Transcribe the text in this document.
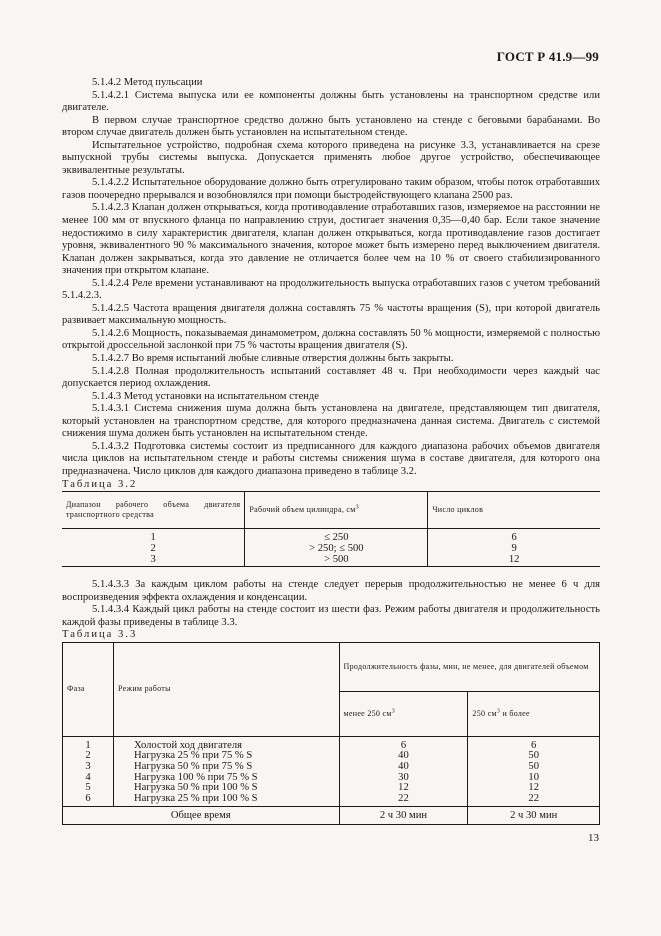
ГОСТ Р 41.9—99

5.1.4.2 Метод пульсации

5.1.4.2.1 Система выпуска или ее компоненты должны быть установлены на транспортном средстве или двигателе.

В первом случае транспортное средство должно быть установлено на стенде с беговыми барабанами. Во втором случае двигатель должен быть установлен на испытательном стенде.

Испытательное устройство, подробная схема которого приведена на рисунке 3.3, устанавливается на срезе выпускной трубы системы выпуска. Допускается применять любое другое устройство, обеспечивающее эквивалентные результаты.

5.1.4.2.2 Испытательное оборудование должно быть отрегулировано таким образом, чтобы поток отработавших газов поочередно прерывался и возобновлялся при помощи быстродействующего клапана 2500 раз.

5.1.4.2.3 Клапан должен открываться, когда противодавление отработавших газов, измеряемое на расстоянии не менее 100 мм от впускного фланца по направлению струи, достигает значения 0,35—0,40 бар. Если такое значение недостижимо в силу характеристик двигателя, клапан должен открываться, когда противодавление газов достигает уровня, эквивалентного 90 % максимального значения, которое может быть измерено перед выключением двигателя. Клапан должен закрываться, когда это давление не отличается более чем на 10 % от своего стабилизированного значения при открытом клапане.

5.1.4.2.4 Реле времени устанавливают на продолжительность выпуска отработавших газов с учетом требований 5.1.4.2.3.

5.1.4.2.5 Частота вращения двигателя должна составлять 75 % частоты вращения (S), при которой двигатель развивает максимальную мощность.

5.1.4.2.6 Мощность, показываемая динамометром, должна составлять 50 % мощности, измеряемой с полностью открытой дроссельной заслонкой при 75 % частоты вращения двигателя (S).

5.1.4.2.7 Во время испытаний любые сливные отверстия должны быть закрыты.

5.1.4.2.8 Полная продолжительность испытаний составляет 48 ч. При необходимости через каждый час допускается период охлаждения.

5.1.4.3 Метод установки на испытательном стенде

5.1.4.3.1 Система снижения шума должна быть установлена на двигателе, представляющем тип двигателя, который установлен на транспортном средстве, для которого предназначена данная система. Двигатель с системой снижения шума должен быть установлен на испытательном стенде.

5.1.4.3.2 Подготовка системы состоит из предписанного для каждого диапазона рабочих объемов двигателя числа циклов на испытательном стенде и работы системы снижения шума в составе двигателя, для которого она предназначена. Число циклов для каждого диапазона приведено в таблице 3.2.

Таблица 3.2

Диапазон рабочего объема двигателя транспортного средства	Рабочий объем цилиндра, $см^3$	Число циклов
1	≤ 250	6
2	> 250; ≤ 500	9
3	> 500	12

5.1.4.3.3 За каждым циклом работы на стенде следует перерыв продолжительностью не менее 6 ч для воспроизведения эффекта охлаждения и конденсации.

5.1.4.3.4 Каждый цикл работы на стенде состоит из шести фаз. Режим работы двигателя и продолжительность каждой фазы приведены в таблице 3.3.

Таблица 3.3

Фаза	Режим работы	Продолжительность фазы, мин, не менее, для двигателей объемом	
		менее 250 $см^3$	250 $см^3$ и более
1	Холостой ход двигателя	6	6
2	Нагрузка 25 % при 75 % S	40	50
3	Нагрузка 50 % при 75 % S	40	50
4	Нагрузка 100 % при 75 % S	30	10
5	Нагрузка 50 % при 100 % S	12	12
6	Нагрузка 25 % при 100 % S	22	22
Общее время		2 ч 30 мин	2 ч 30 мин
13
